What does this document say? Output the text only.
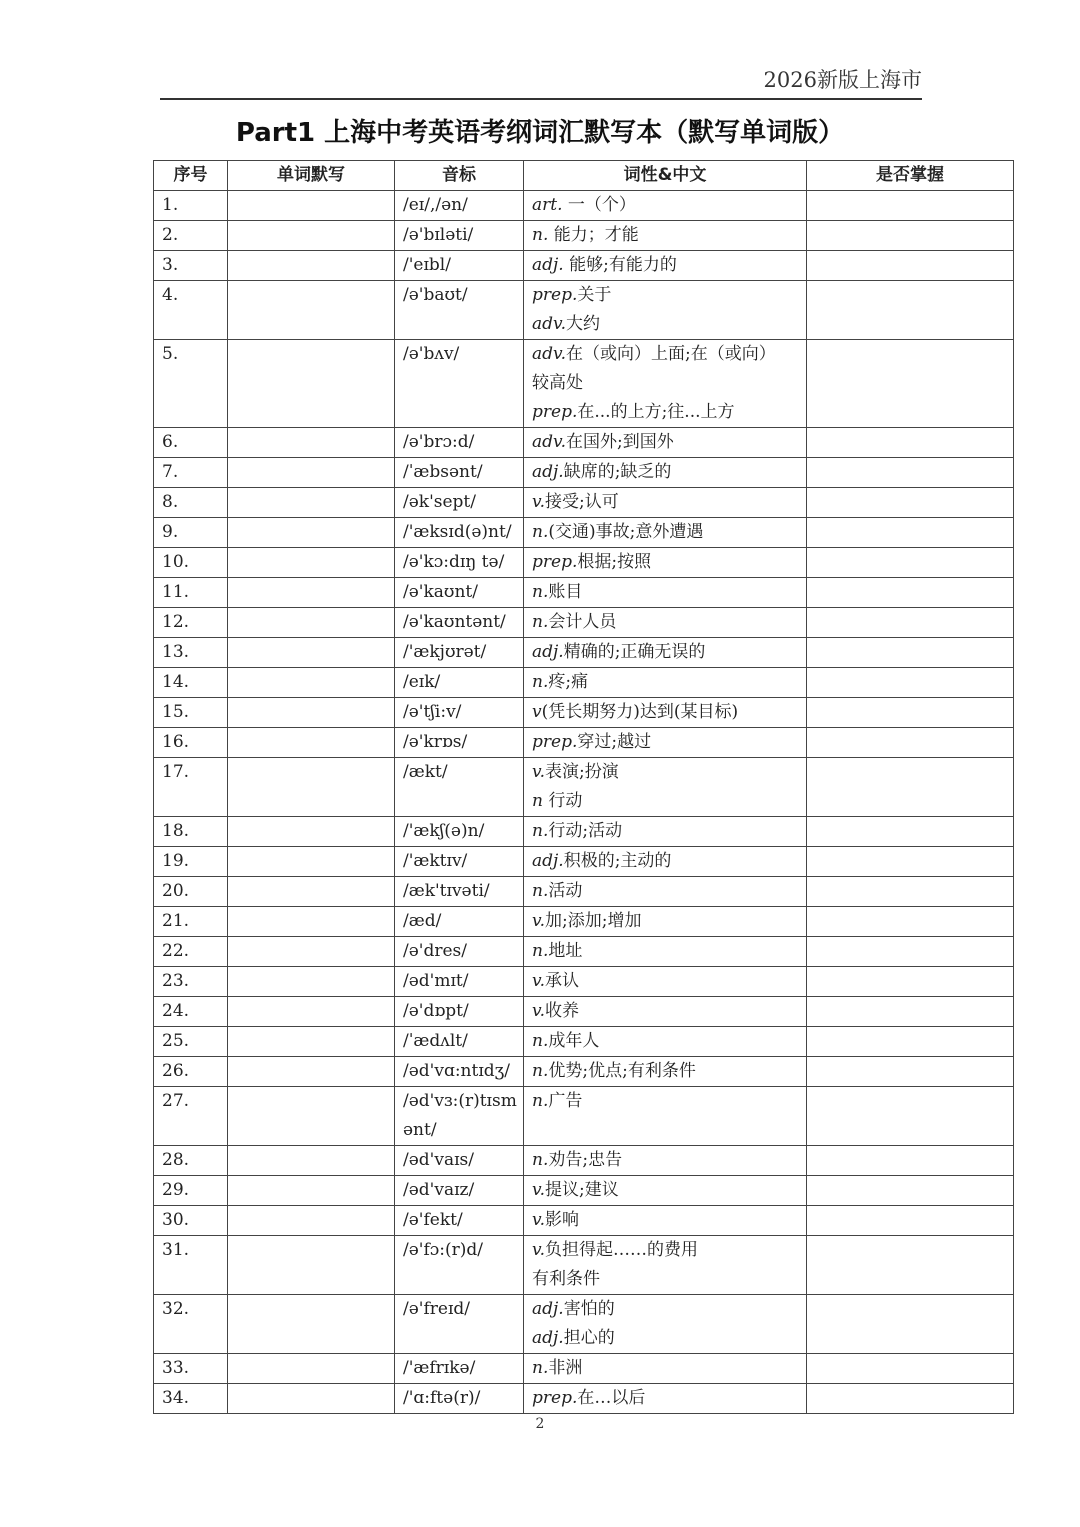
2026新版上海市
Part1 上海中考英语考纲词汇默写本（默写单词版）
序号	单词默写	音标	词性&中文	是否掌握
1.		/eɪ/,/ən/	art. 一（个）	

2.		/ə'bɪləti/	n. 能力；才能	

3.		/'eɪbl/	adj. 能够;有能力的	

4.		/ə'baʊt/	prep.关于
adv.大约	

5.		/ə'bʌv/	adv.在（或向）上面;在（或向）
较高处
prep.在...的上方;往...上方	

6.		/ə'brɔ:d/	adv.在国外;到国外	

7.		/ˈæbsənt/	adj.缺席的;缺乏的	

8.		/ək'sept/	v.接受;认可	

9.		/'æksɪd(ə)nt/	n.(交通)事故;意外遭遇	

10.		/ə'kɔ:dɪŋ tə/	prep.根据;按照	

11.		/ə'kaʊnt/	n.账目	

12.		/ə'kaʊntənt/	n.会计人员	

13.		/'ækjʊrət/	adj.精确的;正确无误的	

14.		/eɪk/	n.疼;痛	

15.		/ə'tʃi:v/	v(凭长期努力)达到(某目标)	

16.		/ə'krɒs/	prep.穿过;越过	

17.		/ækt/	v.表演;扮演
n 行动	

18.		/'ækʃ(ə)n/	n.行动;活动	

19.		/'æktɪv/	adj.积极的;主动的	

20.		/æk'tɪvəti/	n.活动	

21.		/æd/	v.加;添加;增加	

22.		/ə'dres/	n.地址	

23.		/əd'mɪt/	v.承认	

24.		/ə'dɒpt/	v.收养	

25.		/ˈædʌlt/	n.成年人	

26.		/əd'vɑ:ntɪdʒ/	n.优势;优点;有利条件	

27.		/əd'vɜ:(r)tɪsm
ənt/	n.广告	

28.		/əd'vaɪs/	n.劝告;忠告	

29.		/əd'vaɪz/	v.提议;建议	

30.		/ə'fekt/	v.影响	

31.		/ə'fɔ:(r)d/	v.负担得起……的费用
有利条件	

32.		/ə'freɪd/	adj.害怕的
adj.担心的	

33.		/'æfrɪkə/	n.非洲	

34.		/'ɑ:ftə(r)/	prep.在…以后	

2
